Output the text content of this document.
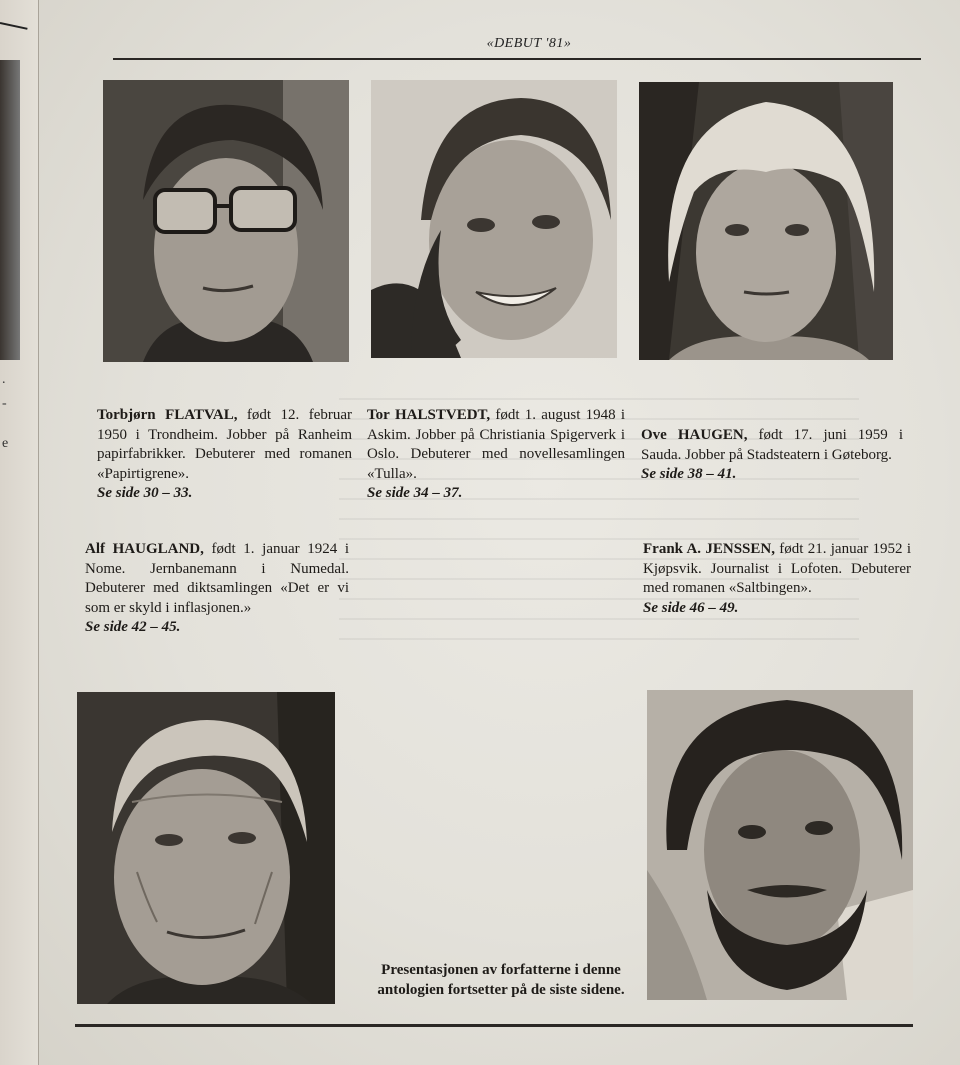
.
-
e
«DEBUT '81»
Torbjørn FLATVAL, født 12. februar 1950 i Trondheim. Jobber på Ranheim papirfabrikker. Debuterer med romanen «Papirtigrene».
Se side 30 – 33.
Tor HALSTVEDT, født 1. august 1948 i Askim. Jobber på Christiania Spigerverk i Oslo. Debuterer med novellesamlingen «Tulla».
Se side 34 – 37.
Ove HAUGEN, født 17. juni 1959 i Sauda. Jobber på Stadsteatern i Gøteborg.
Se side 38 – 41.
Alf HAUGLAND, født 1. januar 1924 i Nome. Jernbanemann i Numedal. Debuterer med diktsamlingen «Det er vi som er skyld i inflasjonen.»
Se side 42 – 45.
Frank A. JENSSEN, født 21. januar 1952 i Kjøpsvik. Journalist i Lofoten. Debuterer med romanen «Saltbingen».
Se side 46 – 49.
Presentasjonen av forfatterne i denne antologien fortsetter på de siste sidene.
